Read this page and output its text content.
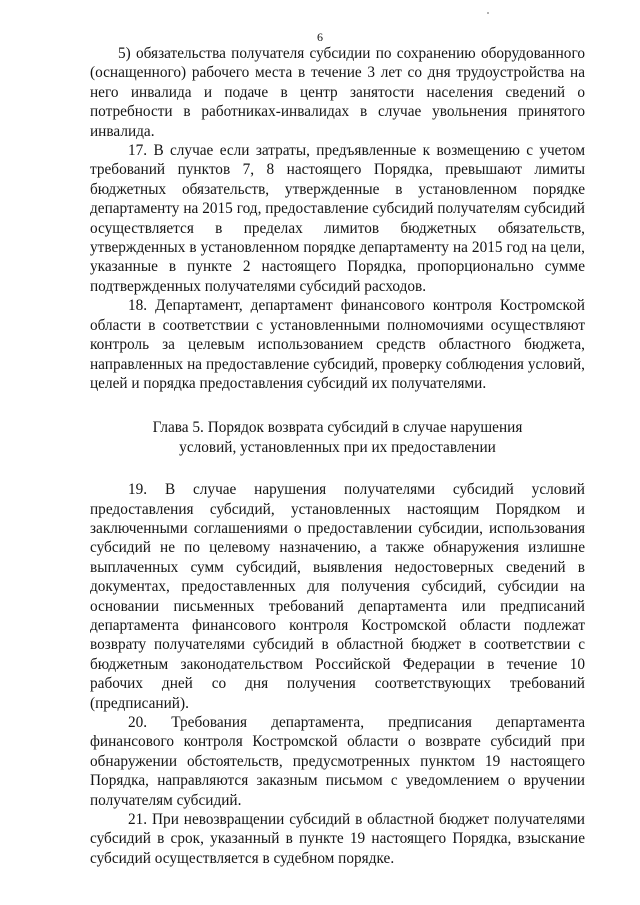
6

5) обязательства получателя субсидии по сохранению оборудованного (оснащенного) рабочего места в течение 3 лет со дня трудоустройства на него инвалида и подаче в центр занятости населения сведений о потребности в работниках-инвалидах в случае увольнения принятого инвалида.

17. В случае если затраты, предъявленные к возмещению с учетом требований пунктов 7, 8 настоящего Порядка, превышают лимиты бюджетных обязательств, утвержденные в установленном порядке департаменту на 2015 год, предоставление субсидий получателям субсидий осуществляется в пределах лимитов бюджетных обязательств, утвержденных в установленном порядке департаменту на 2015 год на цели, указанные в пункте 2 настоящего Порядка, пропорционально сумме подтвержденных получателями субсидий расходов.

18. Департамент, департамент финансового контроля Костромской области в соответствии с установленными полномочиями осуществляют контроль за целевым использованием средств областного бюджета, направленных на предоставление субсидий, проверку соблюдения условий, целей и порядка предоставления субсидий их получателями.

Глава 5. Порядок возврата субсидий в случае нарушения
условий, установленных при их предоставлении

19. В случае нарушения получателями субсидий условий предоставления субсидий, установленных настоящим Порядком и заключенными соглашениями о предоставлении субсидии, использования субсидий не по целевому назначению, а также обнаружения излишне выплаченных сумм субсидий, выявления недостоверных сведений в документах, предоставленных для получения субсидий, субсидии на основании письменных требований департамента или предписаний департамента финансового контроля Костромской области подлежат возврату получателями субсидий в областной бюджет в соответствии с бюджетным законодательством Российской Федерации в течение 10 рабочих дней со дня получения соответствующих требований (предписаний).

20. Требования департамента, предписания департамента финансового контроля Костромской области о возврате субсидий при обнаружении обстоятельств, предусмотренных пунктом 19 настоящего Порядка, направляются заказным письмом с уведомлением о вручении получателям субсидий.

21. При невозвращении субсидий в областной бюджет получателями субсидий в срок, указанный в пункте 19 настоящего Порядка, взыскание субсидий осуществляется в судебном порядке.
